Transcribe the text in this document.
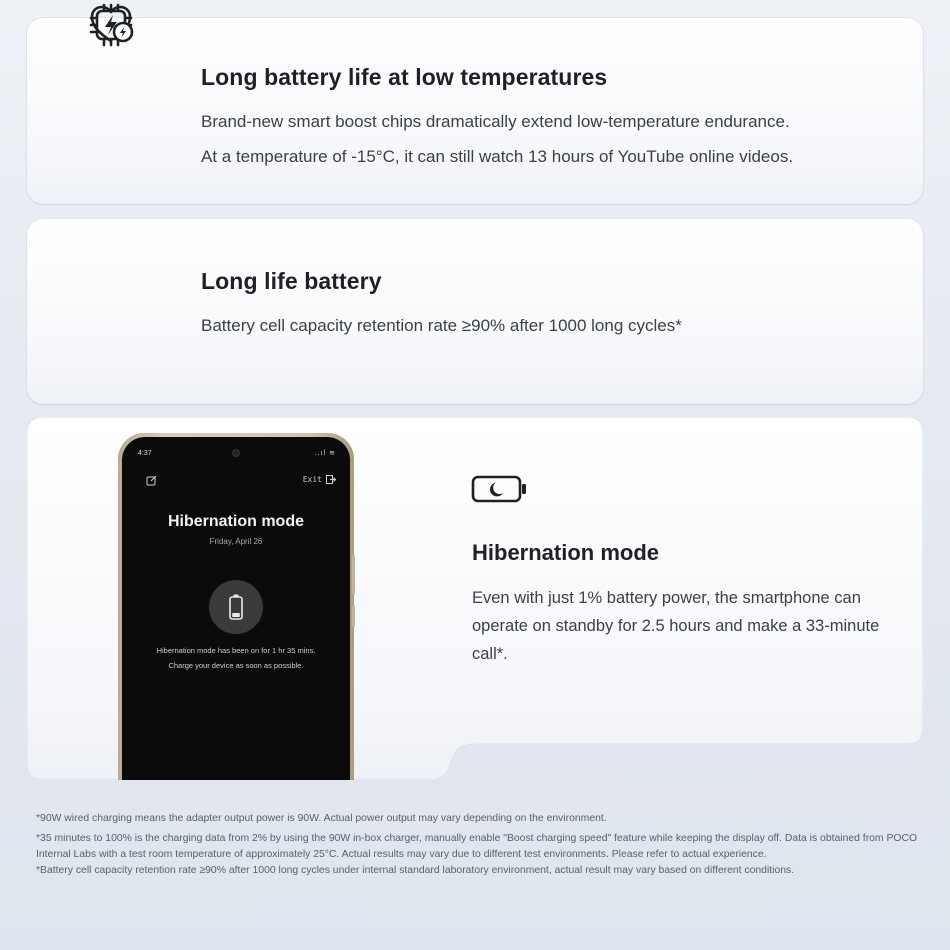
Long battery life at low temperatures
Brand-new smart boost chips dramatically extend low-temperature endurance.
At a temperature of -15°C, it can still watch 13 hours of YouTube online videos.
Long life battery
Battery cell capacity retention rate ≥90% after 1000 long cycles*
4:37	..ıl ≋
Exit
Hibernation mode
Friday, April 26
Hibernation mode has been on for 1 hr 35 mins.
Charge your device as soon as possible.
Hibernation mode
Even with just 1% battery power, the smartphone can operate on standby for 2.5 hours and make a 33-minute call*.

*90W wired charging means the adapter output power is 90W. Actual power output may vary depending on the environment.

*35 minutes to 100% is the charging data from 2% by using the 90W in-box charger, manually enable "Boost charging speed" feature while keeping the display off. Data is obtained from POCO Internal Labs with a test room temperature of approximately 25°C. Actual results may vary due to different test environments. Please refer to actual experience.

*Battery cell capacity retention rate ≥90% after 1000 long cycles under internal standard laboratory environment, actual result may vary based on different conditions.
